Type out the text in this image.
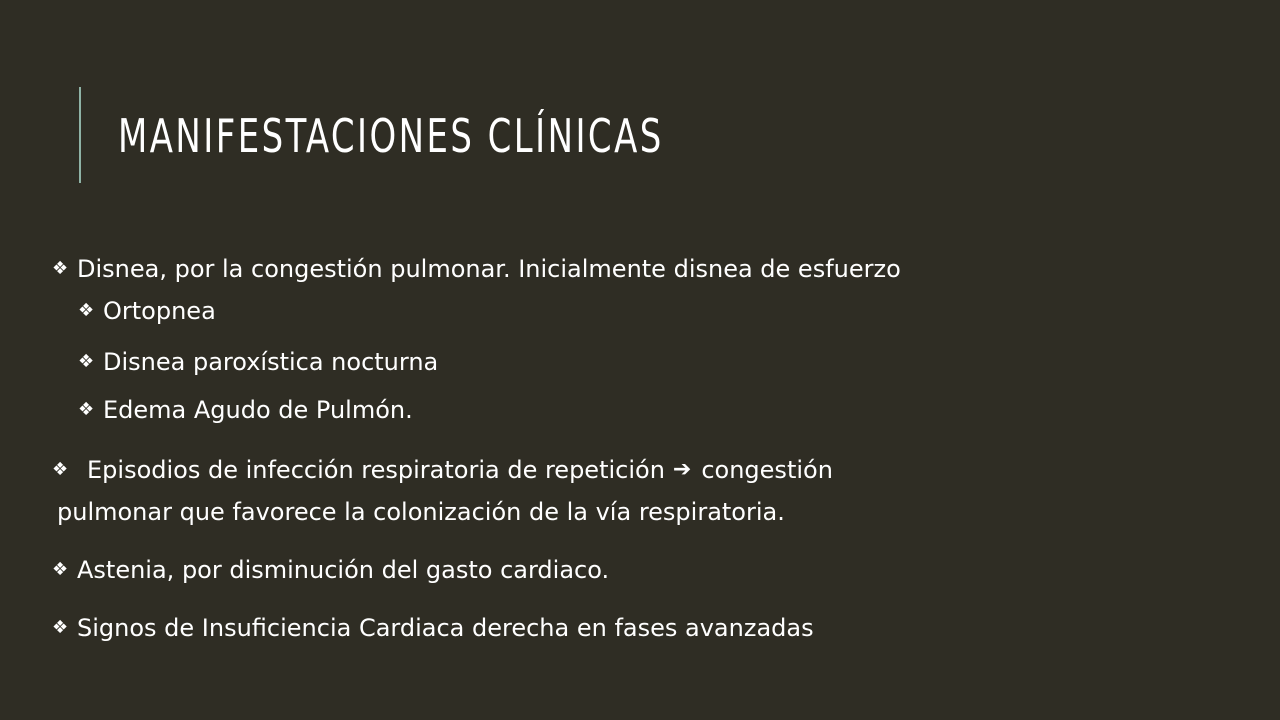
MANIFESTACIONES CLÍNICAS
❖ Disnea, por la congestión pulmonar. Inicialmente disnea de esfuerzo
❖ Ortopnea
❖ Disnea paroxística nocturna
❖ Edema Agudo de Pulmón.
❖ Episodios de infección respiratoria de repetición ➔ congestión
pulmonar que favorece la colonización de la vía respiratoria.
❖ Astenia, por disminución del gasto cardiaco.
❖ Signos de Insuficiencia Cardiaca derecha en fases avanzadas
